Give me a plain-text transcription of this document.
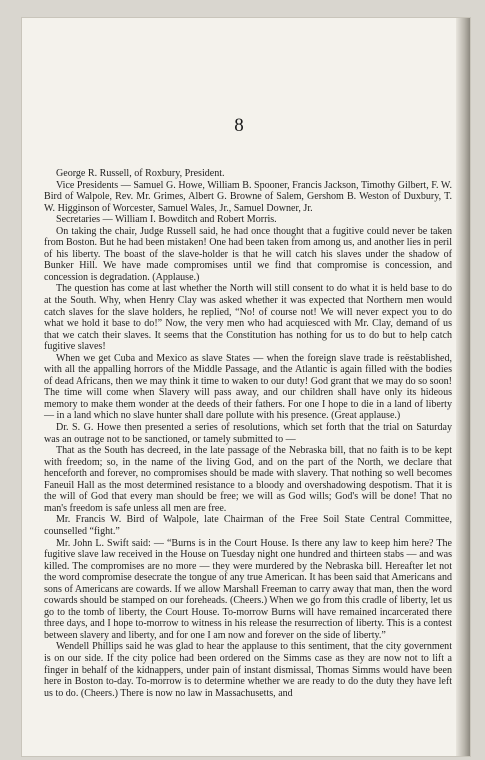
8

George R. Russell, of Roxbury, President.

Vice Presidents — Samuel G. Howe, William B. Spooner, Francis Jackson, Timothy Gilbert, F. W. Bird of Walpole, Rev. Mr. Grimes, Albert G. Browne of Salem, Gershom B. Weston of Duxbury, T. W. Higginson of Worcester, Samuel Wales, Jr., Samuel Downer, Jr.

Secretaries — William I. Bowditch and Robert Morris.

On taking the chair, Judge Russell said, he had once thought that a fugitive could never be taken from Boston. But he had been mistaken! One had been taken from among us, and another lies in peril of his liberty. The boast of the slave-holder is that he will catch his slaves under the shadow of Bunker Hill. We have made compromises until we find that compromise is concession, and concession is degradation. (Applause.)

The question has come at last whether the North will still consent to do what it is held base to do at the South. Why, when Henry Clay was asked whether it was expected that Northern men would catch slaves for the slave holders, he replied, “No! of course not! We will never expect you to do what we hold it base to do!” Now, the very men who had acquiesced with Mr. Clay, demand of us that we catch their slaves. It seems that the Constitution has nothing for us to do but to help catch fugitive slaves!

When we get Cuba and Mexico as slave States — when the foreign slave trade is reëstablished, with all the appalling horrors of the Middle Passage, and the Atlantic is again filled with the bodies of dead Africans, then we may think it time to waken to our duty! God grant that we may do so soon! The time will come when Slavery will pass away, and our children shall have only its hideous memory to make them wonder at the deeds of their fathers. For one I hope to die in a land of liberty — in a land which no slave hunter shall dare pollute with his presence. (Great applause.)

Dr. S. G. Howe then presented a series of resolutions, which set forth that the trial on Saturday was an outrage not to be sanctioned, or tamely submitted to —

That as the South has decreed, in the late passage of the Nebraska bill, that no faith is to be kept with freedom; so, in the name of the living God, and on the part of the North, we declare that henceforth and forever, no compromises should be made with slavery. That nothing so well becomes Faneuil Hall as the most determined resistance to a bloody and overshadowing despotism. That it is the will of God that every man should be free; we will as God wills; God's will be done! That no man's freedom is safe unless all men are free.

Mr. Francis W. Bird of Walpole, late Chairman of the Free Soil State Central Committee, counselled “fight.”

Mr. John L. Swift said: — “Burns is in the Court House. Is there any law to keep him here? The fugitive slave law received in the House on Tuesday night one hundred and thirteen stabs — and was killed. The compromises are no more — they were murdered by the Nebraska bill. Hereafter let not the word compromise desecrate the tongue of any true American. It has been said that Americans and sons of Americans are cowards. If we allow Marshall Freeman to carry away that man, then the word cowards should be stamped on our foreheads. (Cheers.) When we go from this cradle of liberty, let us go to the tomb of liberty, the Court House. To-morrow Burns will have remained incarcerated there three days, and I hope to-morrow to witness in his release the resurrection of liberty. This is a contest between slavery and liberty, and for one I am now and forever on the side of liberty.”

Wendell Phillips said he was glad to hear the applause to this sentiment, that the city government is on our side. If the city police had been ordered on the Simms case as they are now not to lift a finger in behalf of the kidnappers, under pain of instant dismissal, Thomas Simms would have been here in Boston to-day. To-morrow is to determine whether we are ready to do the duty they have left us to do. (Cheers.) There is now no law in Massachusetts, and
